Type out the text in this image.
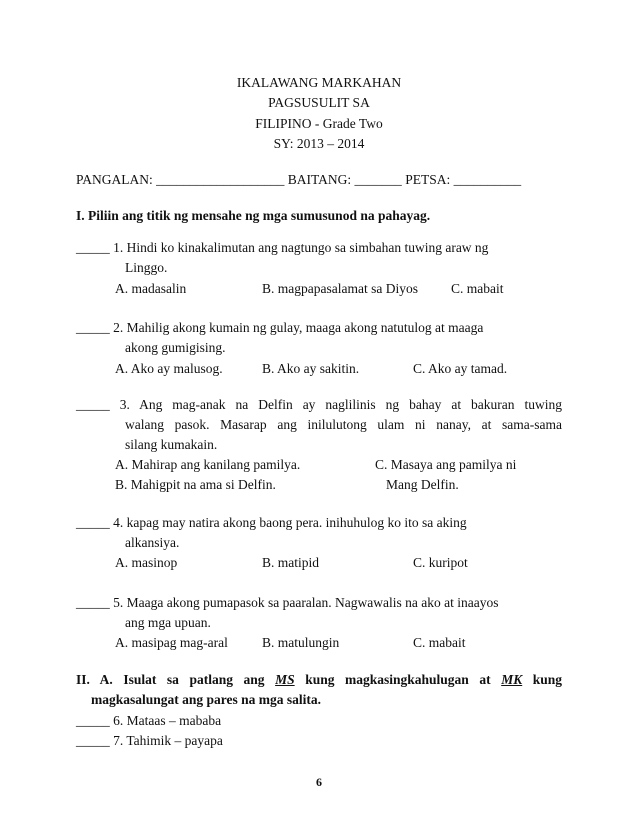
IKALAWANG MARKAHAN
PAGSUSULIT SA
FILIPINO - Grade Two
SY: 2013 – 2014
PANGALAN: ___________________ BAITANG: _______ PETSA: __________
I. Piliin ang titik ng mensahe ng mga sumusunod na pahayag.
_____ 1. Hindi ko kinakalimutan ang nagtungo sa simbahan tuwing araw ng
Linggo.
A. madasalin	B. magpapasalamat sa Diyos C. mabait
_____ 2. Mahilig akong kumain ng gulay, maaga akong natutulog at maaga
akong gumigising.
A. Ako ay malusog.	B. Ako ay sakitin.	C. Ako ay tamad.
_____ 3. Ang mag-anak na Delfin ay naglilinis ng bahay at bakuran tuwing
walang pasok. Masarap ang inilulutong ulam ni nanay, at sama-sama
silang kumakain.
A. Mahirap ang kanilang pamilya.	C. Masaya ang pamilya ni
B. Mahigpit na ama si Delfin.	Mang Delfin.
_____ 4. kapag may natira akong baong pera. inihuhulog ko ito sa aking
alkansiya.
A. masinop	B. matipid	C. kuripot
_____ 5. Maaga akong pumapasok sa paaralan. Nagwawalis na ako at inaayos
ang mga upuan.
A. masipag mag-aral	B. matulungin	C. mabait
II. A. Isulat sa patlang ang MS kung magkasingkahulugan at MK kung
magkasalungat ang pares na mga salita.
_____ 6. Mataas – mababa
_____ 7. Tahimik – payapa
6
